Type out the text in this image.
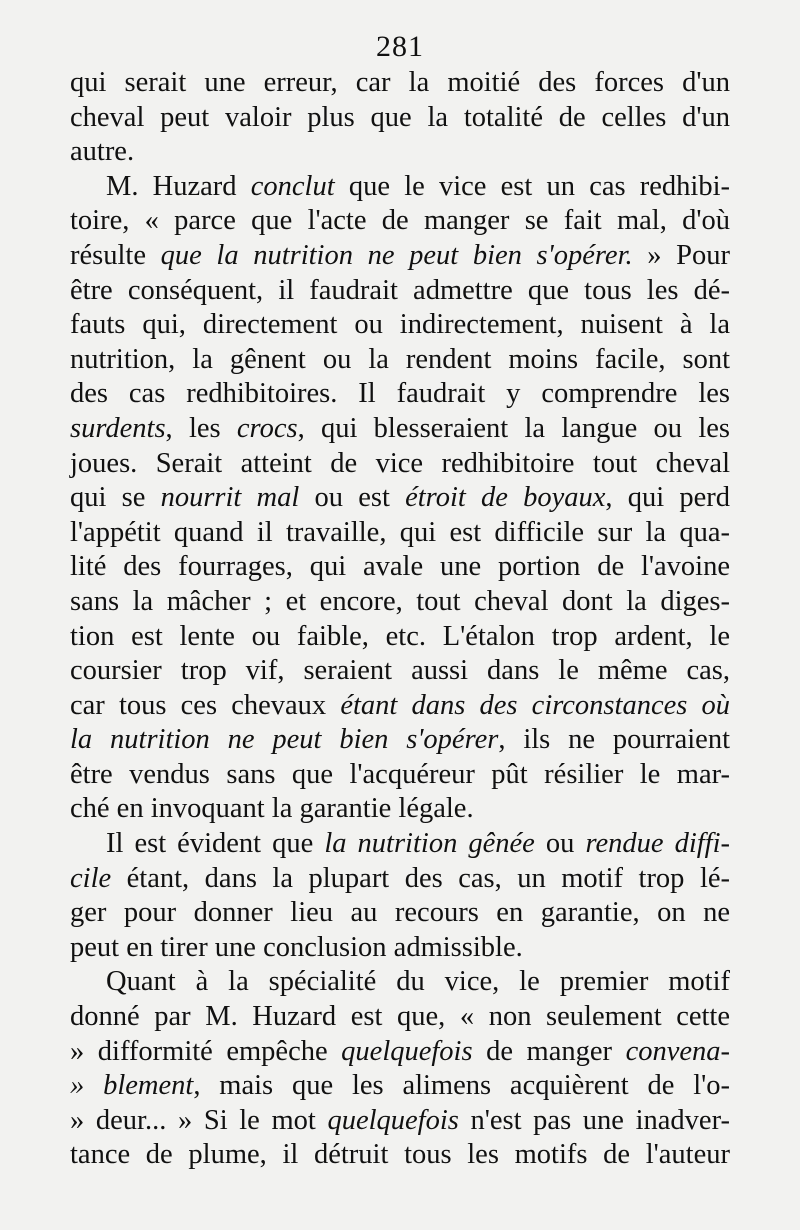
281
qui serait une erreur, car la moitié des forces d'un
cheval peut valoir plus que la totalité de celles d'un
autre.
M. Huzard conclut que le vice est un cas redhibi-
toire, « parce que l'acte de manger se fait mal, d'où
résulte que la nutrition ne peut bien s'opérer. » Pour
être conséquent, il faudrait admettre que tous les dé-
fauts qui, directement ou indirectement, nuisent à la
nutrition, la gênent ou la rendent moins facile, sont
des cas redhibitoires. Il faudrait y comprendre les
surdents, les crocs, qui blesseraient la langue ou les
joues. Serait atteint de vice redhibitoire tout cheval
qui se nourrit mal ou est étroit de boyaux, qui perd
l'appétit quand il travaille, qui est difficile sur la qua-
lité des fourrages, qui avale une portion de l'avoine
sans la mâcher ; et encore, tout cheval dont la diges-
tion est lente ou faible, etc. L'étalon trop ardent, le
coursier trop vif, seraient aussi dans le même cas,
car tous ces chevaux étant dans des circonstances où
la nutrition ne peut bien s'opérer, ils ne pourraient
être vendus sans que l'acquéreur pût résilier le mar-
ché en invoquant la garantie légale.
Il est évident que la nutrition gênée ou rendue diffi-
cile étant, dans la plupart des cas, un motif trop lé-
ger pour donner lieu au recours en garantie, on ne
peut en tirer une conclusion admissible.
Quant à la spécialité du vice, le premier motif
donné par M. Huzard est que, « non seulement cette
» difformité empêche quelquefois de manger convena-
» blement, mais que les alimens acquièrent de l'o-
» deur... » Si le mot quelquefois n'est pas une inadver-
tance de plume, il détruit tous les motifs de l'auteur
